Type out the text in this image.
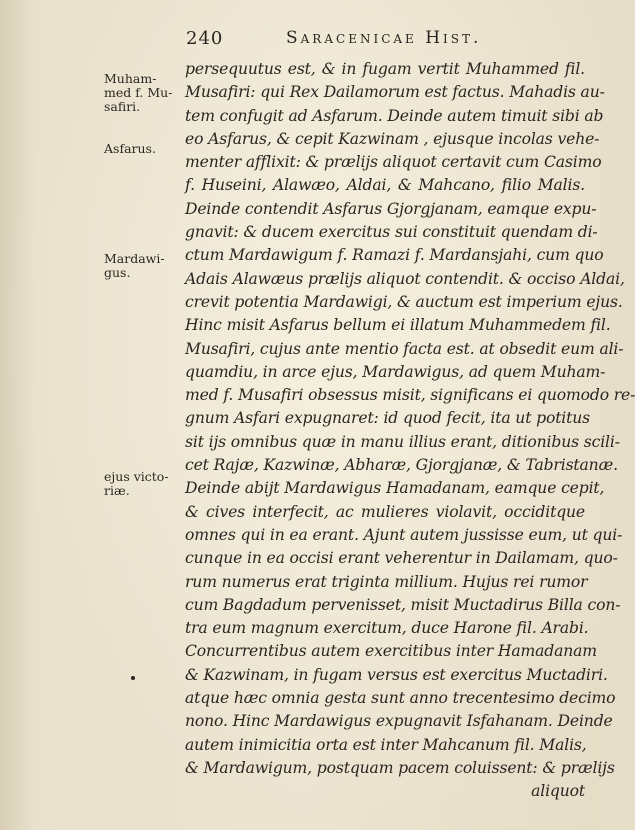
240	Saracenicae Hist.
Muham-
med f. Mu-
safiri.
Asfarus.
Mardawi-
gus.
ejus victo-
riæ.
persequutus est, & in fugam vertit Muhammed fil.
Musafiri: qui Rex Dailamorum est factus. Mahadis au-
tem confugit ad Asfarum. Deinde autem timuit sibi ab
eo Asfarus, & cepit Kazwinam , ejusque incolas vehe-
menter afflixit: & prælijs aliquot certavit cum Casimo
f. Huseini, Alawæo, Aldai, & Mahcano, filio Malis.
Deinde contendit Asfarus Gjorgjanam, eamque expu-
gnavit: & ducem exercitus sui constituit quendam di-
ctum Mardawigum f. Ramazi f. Mardansjahi, cum quo
Adais Alawæus prælijs aliquot contendit. & occiso Aldai,
crevit potentia Mardawigi, & auctum est imperium ejus.
Hinc misit Asfarus bellum ei illatum Muhammedem fil.
Musafiri, cujus ante mentio facta est. at obsedit eum ali-
quamdiu, in arce ejus, Mardawigus, ad quem Muham-
med f. Musafiri obsessus misit, significans ei quomodo re-
gnum Asfari expugnaret: id quod fecit, ita ut potitus
sit ijs omnibus quæ in manu illius erant, ditionibus scili-
cet Rajæ, Kazwinæ, Abharæ, Gjorgjanæ, & Tabristanæ.
Deinde abijt Mardawigus Hamadanam, eamque cepit,
& cives interfecit, ac mulieres violavit, occiditque
omnes qui in ea erant. Ajunt autem jussisse eum, ut qui-
cunque in ea occisi erant veherentur in Dailamam, quo-
rum numerus erat triginta millium. Hujus rei rumor
cum Bagdadum pervenisset, misit Muctadirus Billa con-
tra eum magnum exercitum, duce Harone fil. Arabi.
Concurrentibus autem exercitibus inter Hamadanam
& Kazwinam, in fugam versus est exercitus Muctadiri.
atque hæc omnia gesta sunt anno trecentesimo decimo
nono. Hinc Mardawigus expugnavit Isfahanam. Deinde
autem inimicitia orta est inter Mahcanum fil. Malis,
& Mardawigum, postquam pacem coluissent: & prælijs
aliquot
